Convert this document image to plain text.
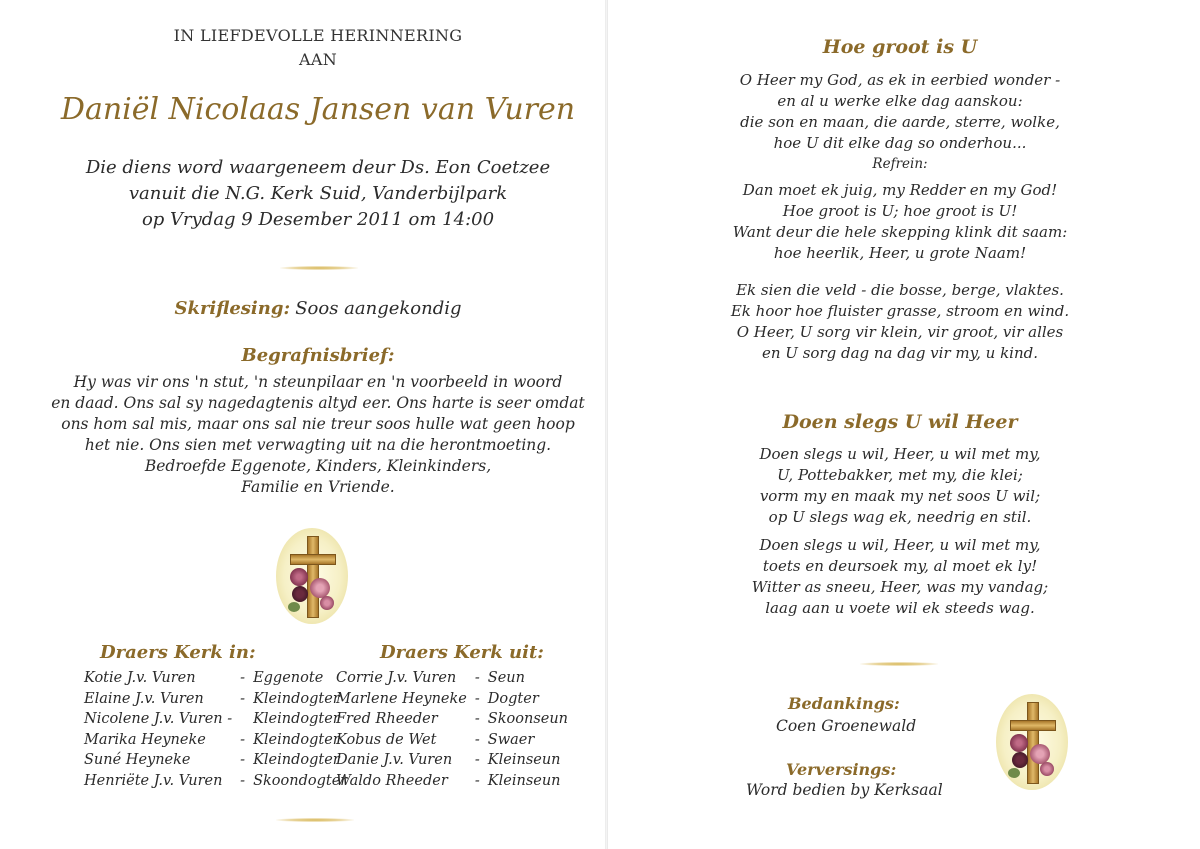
IN LIEFDEVOLLE HERINNERING
AAN
Daniël Nicolaas Jansen van Vuren
Die diens word waargeneem deur Ds. Eon Coetzee
vanuit die N.G. Kerk Suid, Vanderbijlpark
op Vrydag 9 Desember 2011 om 14:00
Skriflesing: Soos aangekondig
Begrafnisbrief:
Hy was vir ons 'n stut, 'n steunpilaar en 'n voorbeeld in woord
en daad. Ons sal sy nagedagtenis altyd eer. Ons harte is seer omdat
ons hom sal mis, maar ons sal nie treur soos hulle wat geen hoop
het nie. Ons sien met verwagting uit na die herontmoeting.
Bedroefde Eggenote, Kinders, Kleinkinders,
Familie en Vriende.
Draers Kerk in:
Kotie J.v. Vuren	-	Eggenote
Elaine J.v. Vuren	-	Kleindogter
Nicolene J.v. Vuren -		Kleindogter
Marika Heyneke	-	Kleindogter
Suné Heyneke	-	Kleindogter
Henriëte J.v. Vuren	-	Skoondogter
Draers Kerk uit:
Corrie J.v. Vuren	-	Seun
Marlene Heyneke	-	Dogter
Fred Rheeder	-	Skoonseun
Kobus de Wet	-	Swaer
Danie J.v. Vuren	-	Kleinseun
Waldo Rheeder	-	Kleinseun
Hoe groot is U
O Heer my God, as ek in eerbied wonder -
en al u werke elke dag aanskou:
die son en maan, die aarde, sterre, wolke,
hoe U dit elke dag so onderhou...
Refrein:
Dan moet ek juig, my Redder en my God!
Hoe groot is U; hoe groot is U!
Want deur die hele skepping klink dit saam:
hoe heerlik, Heer, u grote Naam!
Ek sien die veld - die bosse, berge, vlaktes.
Ek hoor hoe fluister grasse, stroom en wind.
O Heer, U sorg vir klein, vir groot, vir alles
en U sorg dag na dag vir my, u kind.
Doen slegs U wil Heer
Doen slegs u wil, Heer, u wil met my,
U, Pottebakker, met my, die klei;
vorm my en maak my net soos U wil;
op U slegs wag ek, needrig en stil.
Doen slegs u wil, Heer, u wil met my,
toets en deursoek my, al moet ek ly!
Witter as sneeu, Heer, was my vandag;
laag aan u voete wil ek steeds wag.
Bedankings:
Coen Groenewald
Verversings:
Word bedien by Kerksaal
